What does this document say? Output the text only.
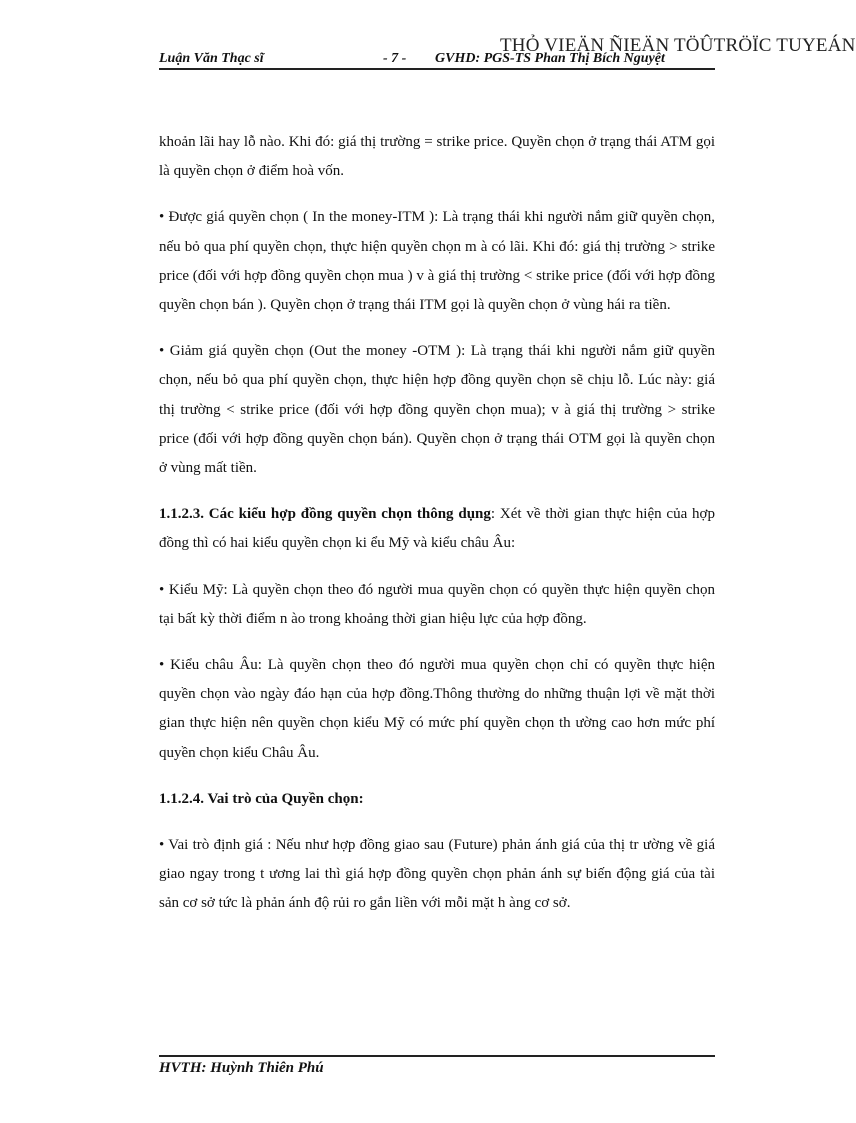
Luận Văn Thạc sĩ	- 7 - GVHD: PGS-TS Phan Thị Bích Nguyệt
THỎ VIEÄN ÑIEÄN TÖÛTRÖÏC TUYEÁN

khoản lãi hay lỗ nào. Khi đó: giá thị trường = strike price. Quyền chọn ở trạng thái ATM gọi là quyền chọn ở điểm hoà vốn.

• Được giá quyền chọn ( In the money-ITM ): Là trạng thái khi người nắm giữ quyền chọn, nếu bỏ qua phí quyền chọn, thực hiện quyền chọn m à có lãi. Khi đó: giá thị trường > strike price (đối với hợp đồng quyền chọn mua ) v à giá thị trường < strike price (đối với hợp đồng quyền chọn bán ). Quyền chọn ở trạng thái ITM gọi là quyền chọn ở vùng hái ra tiền.

• Giảm giá quyền chọn (Out the money -OTM ): Là trạng thái khi người nắm giữ quyền chọn, nếu bỏ qua phí quyền chọn, thực hiện hợp đồng quyền chọn sẽ chịu lỗ. Lúc này: giá thị trường < strike price (đối với hợp đồng quyền chọn mua); v à giá thị trường > strike price (đối với hợp đồng quyền chọn bán). Quyền chọn ở trạng thái OTM gọi là quyền chọn ở vùng mất tiền.

1.1.2.3. Các kiểu hợp đồng quyền chọn thông dụng: Xét về thời gian thực hiện của hợp đồng thì có hai kiểu quyền chọn ki ểu Mỹ và kiểu châu Âu:

• Kiểu Mỹ: Là quyền chọn theo đó người mua quyền chọn có quyền thực hiện quyền chọn tại bất kỳ thời điểm n ào trong khoảng thời gian hiệu lực của hợp đồng.

• Kiểu châu Âu: Là quyền chọn theo đó người mua quyền chọn chỉ có quyền thực hiện quyền chọn vào ngày đáo hạn của hợp đồng.Thông thường do những thuận lợi về mặt thời gian thực hiện nên quyền chọn kiểu Mỹ có mức phí quyền chọn th ường cao hơn mức phí quyền chọn kiểu Châu Âu.

1.1.2.4. Vai trò của Quyền chọn:

• Vai trò định giá : Nếu như hợp đồng giao sau (Future) phản ánh giá của thị tr ường về giá giao ngay trong t ương lai thì giá hợp đồng quyền chọn phản ánh sự biến động giá của tài sản cơ sở tức là phản ánh độ rủi ro gắn liền với mỗi mặt h àng cơ sở.

HVTH: Huỳnh Thiên Phú
